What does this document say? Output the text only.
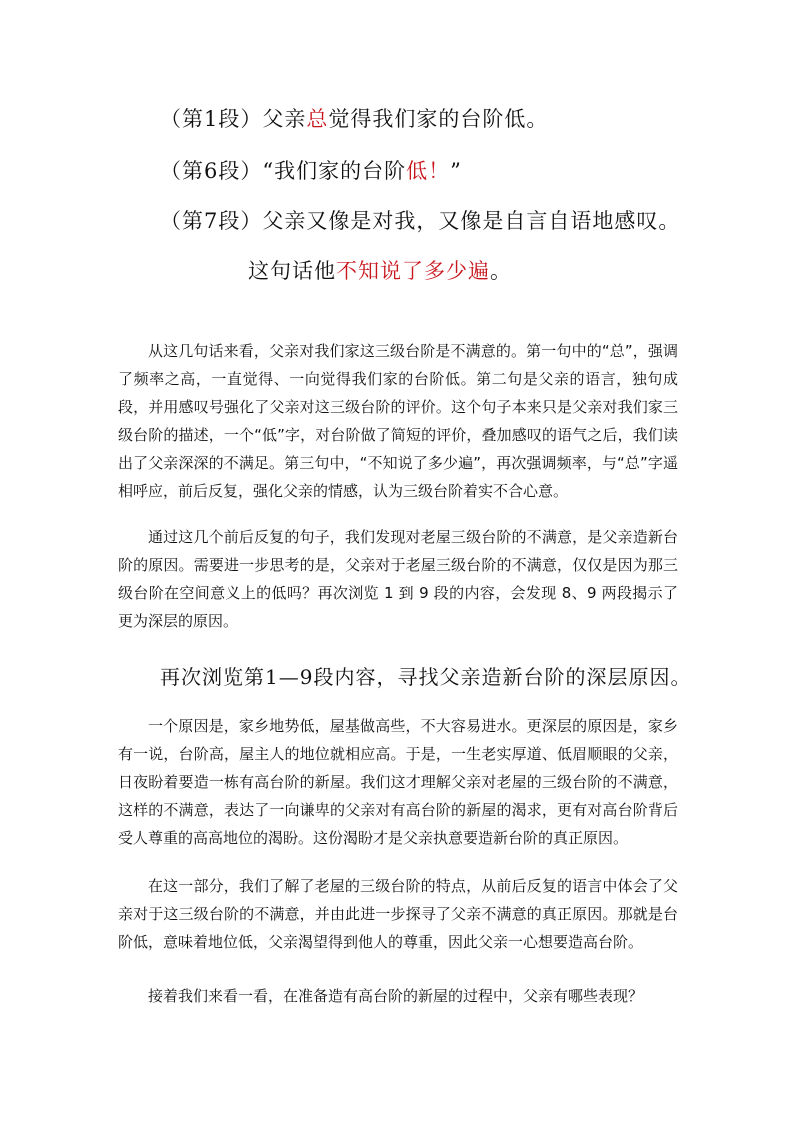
（第1段）父亲总觉得我们家的台阶低。
（第6段）“我们家的台阶低！”
（第7段）父亲又像是对我，又像是自言自语地感叹。
这句话他不知说了多少遍。

从这几句话来看，父亲对我们家这三级台阶是不满意的。第一句中的“总”，强调了频率之高，一直觉得、一向觉得我们家的台阶低。第二句是父亲的语言，独句成段，并用感叹号强化了父亲对这三级台阶的评价。这个句子本来只是父亲对我们家三级台阶的描述，一个“低”字，对台阶做了简短的评价，叠加感叹的语气之后，我们读出了父亲深深的不满足。第三句中，“不知说了多少遍”，再次强调频率，与“总”字遥相呼应，前后反复，强化父亲的情感，认为三级台阶着实不合心意。

通过这几个前后反复的句子，我们发现对老屋三级台阶的不满意，是父亲造新台阶的原因。需要进一步思考的是，父亲对于老屋三级台阶的不满意，仅仅是因为那三级台阶在空间意义上的低吗？再次浏览 1 到 9 段的内容，会发现 8、9 两段揭示了更为深层的原因。

再次浏览第1—9段内容，寻找父亲造新台阶的深层原因。

一个原因是，家乡地势低，屋基做高些，不大容易进水。更深层的原因是，家乡有一说，台阶高，屋主人的地位就相应高。于是，一生老实厚道、低眉顺眼的父亲，日夜盼着要造一栋有高台阶的新屋。我们这才理解父亲对老屋的三级台阶的不满意，这样的不满意，表达了一向谦卑的父亲对有高台阶的新屋的渴求，更有对高台阶背后受人尊重的高高地位的渴盼。这份渴盼才是父亲执意要造新台阶的真正原因。

在这一部分，我们了解了老屋的三级台阶的特点，从前后反复的语言中体会了父亲对于这三级台阶的不满意，并由此进一步探寻了父亲不满意的真正原因。那就是台阶低，意味着地位低，父亲渴望得到他人的尊重，因此父亲一心想要造高台阶。

接着我们来看一看，在准备造有高台阶的新屋的过程中，父亲有哪些表现？
